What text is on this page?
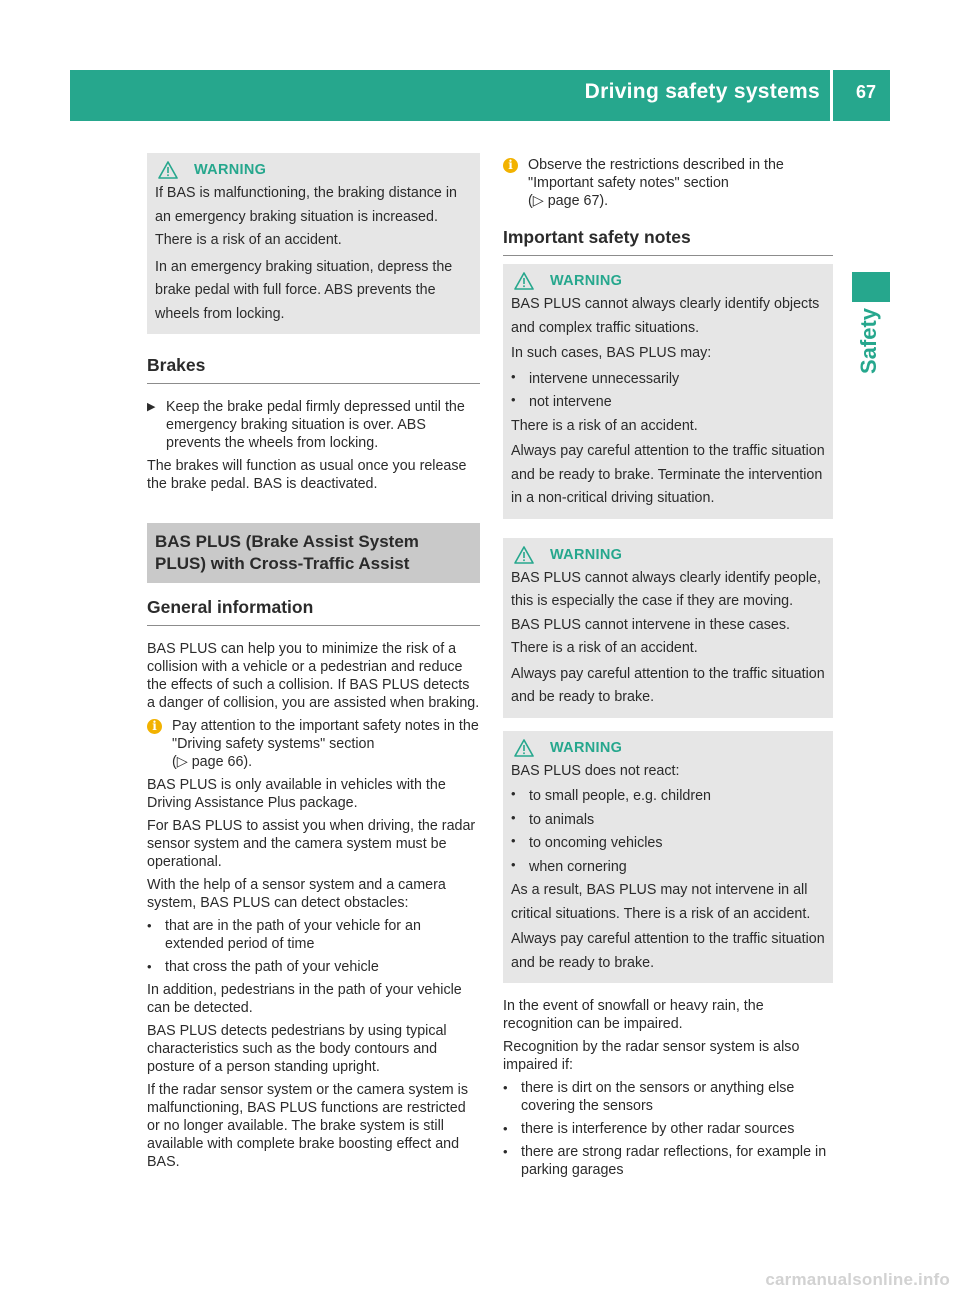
Driving safety systems 67
Safety
WARNING

If BAS is malfunctioning, the braking distance in an emergency braking situation is increased. There is a risk of an accident.

In an emergency braking situation, depress the brake pedal with full force. ABS prevents the wheels from locking.

Brakes
▶ Keep the brake pedal firmly depressed until the emergency braking situation is over. ABS prevents the wheels from locking.

The brakes will function as usual once you release the brake pedal. BAS is deactivated.

BAS PLUS (Brake Assist System
PLUS) with Cross-Traffic Assist
General information

BAS PLUS can help you to minimize the risk of a collision with a vehicle or a pedestrian and reduce the effects of such a collision. If BAS PLUS detects a danger of collision, you are assisted when braking.

i	Pay attention to the important safety notes in the "Driving safety systems" section

(▷ page 66).

BAS PLUS is only available in vehicles with the Driving Assistance Plus package.

For BAS PLUS to assist you when driving, the radar sensor system and the camera system must be operational.

With the help of a sensor system and a camera system, BAS PLUS can detect obstacles:

• that are in the path of your vehicle for an extended period of time

• that cross the path of your vehicle

In addition, pedestrians in the path of your vehicle can be detected.

BAS PLUS detects pedestrians by using typical characteristics such as the body contours and posture of a person standing upright.

If the radar sensor system or the camera system is malfunctioning, BAS PLUS functions are restricted or no longer available. The brake system is still available with complete brake boosting effect and BAS.

i	Observe the restrictions described in the "Important safety notes" section

(▷ page 67).

Important safety notes
WARNING

BAS PLUS cannot always clearly identify objects and complex traffic situations.

In such cases, BAS PLUS may:

• intervene unnecessarily

• not intervene

There is a risk of an accident.

Always pay careful attention to the traffic situation and be ready to brake. Terminate the intervention in a non-critical driving situation.

WARNING

BAS PLUS cannot always clearly identify people, this is especially the case if they are moving. BAS PLUS cannot intervene in these cases. There is a risk of an accident.

Always pay careful attention to the traffic situation and be ready to brake.

WARNING

BAS PLUS does not react:

• to small people, e.g. children

• to animals

• to oncoming vehicles

• when cornering

As a result, BAS PLUS may not intervene in all critical situations. There is a risk of an accident.

Always pay careful attention to the traffic situation and be ready to brake.

In the event of snowfall or heavy rain, the recognition can be impaired.

Recognition by the radar sensor system is also impaired if:

• there is dirt on the sensors or anything else covering the sensors

• there is interference by other radar sources

• there are strong radar reflections, for example in parking garages

carmanualsonline.info
